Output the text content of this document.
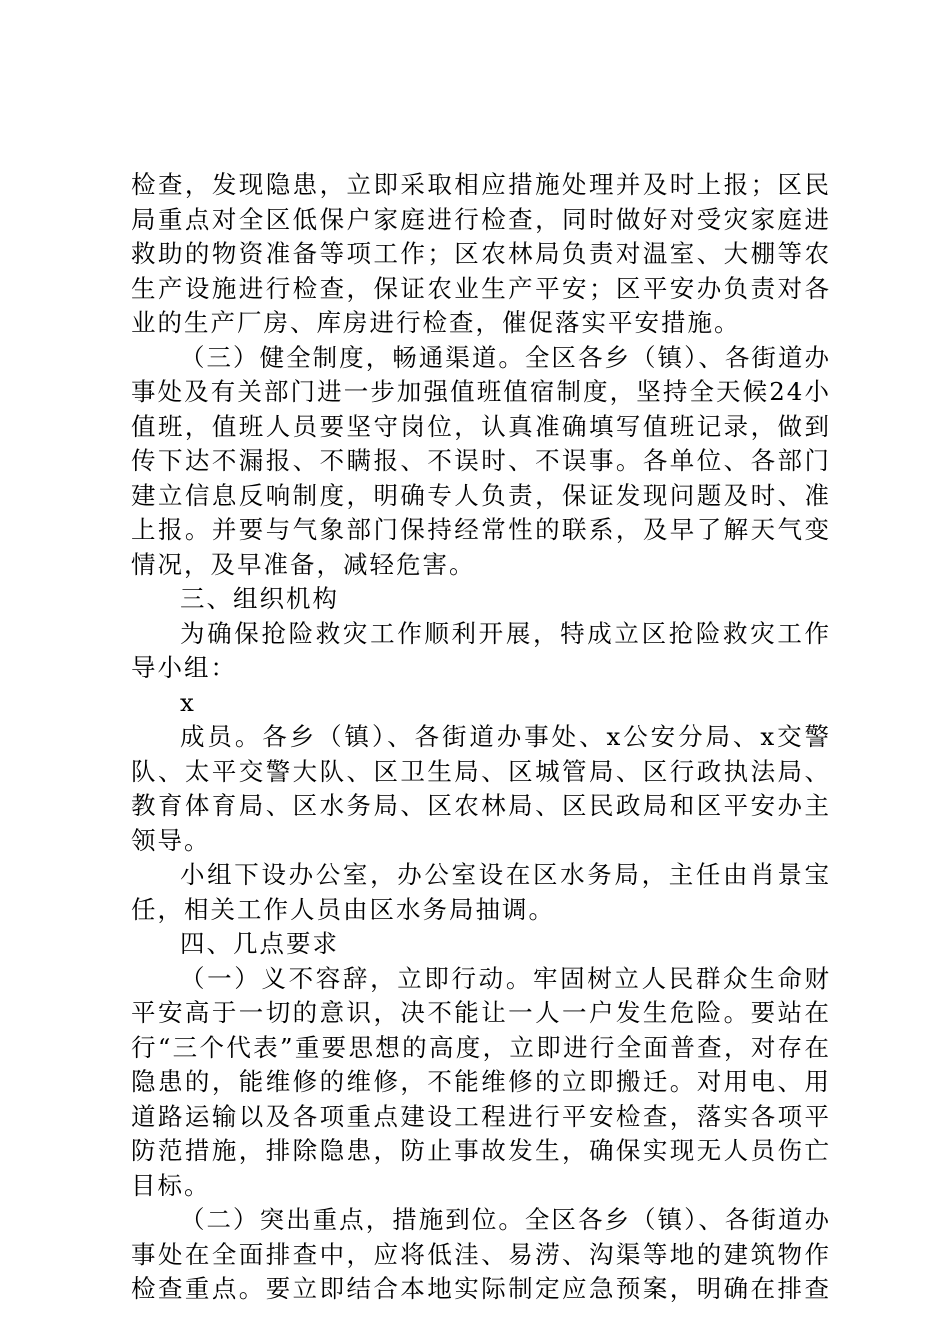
检查，发现隐患，立即采取相应措施处理并及时上报；区民
局重点对全区低保户家庭进行检查，同时做好对受灾家庭进
救助的物资准备等项工作；区农林局负责对温室、大棚等农
生产设施进行检查，保证农业生产平安；区平安办负责对各
业的生产厂房、库房进行检查，催促落实平安措施。
（三）健全制度，畅通渠道。全区各乡（镇）、各街道办
事处及有关部门进一步加强值班值宿制度，坚持全天候24小
值班，值班人员要坚守岗位，认真准确填写值班记录，做到
传下达不漏报、不瞒报、不误时、不误事。各单位、各部门
建立信息反响制度，明确专人负责，保证发现问题及时、准
上报。并要与气象部门保持经常性的联系，及早了解天气变
情况，及早准备，减轻危害。
三、组织机构
为确保抢险救灾工作顺利开展，特成立区抢险救灾工作
导小组：
x
成员。各乡（镇）、各街道办事处、x公安分局、x交警
队、太平交警大队、区卫生局、区城管局、区行政执法局、
教育体育局、区水务局、区农林局、区民政局和区平安办主
领导。
小组下设办公室，办公室设在区水务局，主任由肖景宝
任，相关工作人员由区水务局抽调。
四、几点要求
（一）义不容辞，立即行动。牢固树立人民群众生命财
平安高于一切的意识，决不能让一人一户发生危险。要站在
行“三个代表”重要思想的高度，立即进行全面普查，对存在
隐患的，能维修的维修，不能维修的立即搬迁。对用电、用
道路运输以及各项重点建设工程进行平安检查，落实各项平
防范措施，排除隐患，防止事故发生，确保实现无人员伤亡
目标。
（二）突出重点，措施到位。全区各乡（镇）、各街道办
事处在全面排查中，应将低洼、易涝、沟渠等地的建筑物作
检查重点。要立即结合本地实际制定应急预案，明确在排查
